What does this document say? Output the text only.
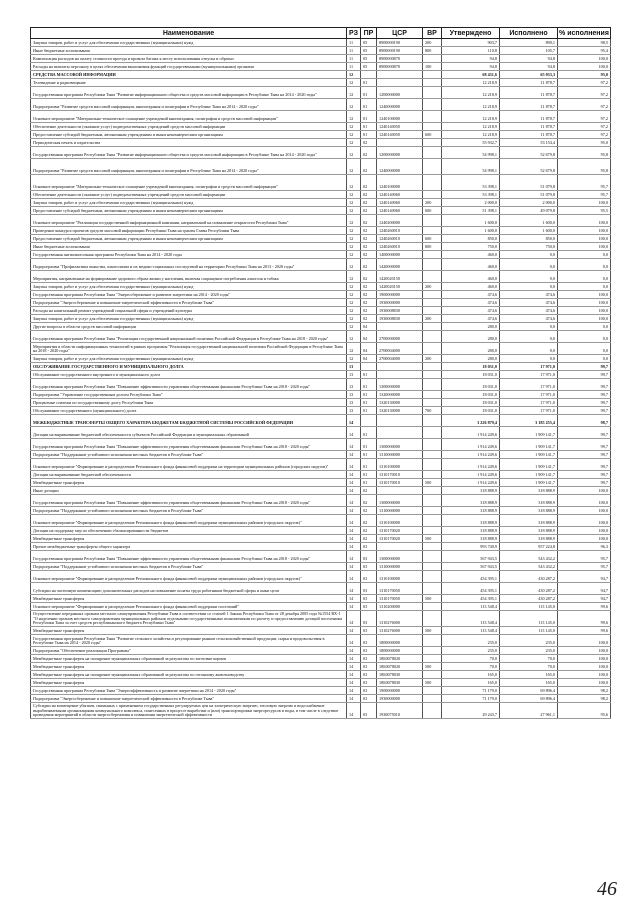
Наименование	РЗ	ПР	ЦСР	ВР	Утверждено	Исполнено	% исполнения
Закупка товаров, работ и услуг для обеспечения государственных (муниципальных) нужд	11	05	8900000190	200	903,7	890,1	98,5
Иные бюджетные ассигнования	11	05	8900000190	800	110,8	105,7	95,4
Компенсация расходов на оплату стоимости проезда и провоза багажа к месту использования отпуска и обратно	11	05	8900000870		94,8	94,8	100,0
Расходы на выплаты персоналу в целях обеспечения выполнения функций государственными (муниципальными) органами	11	05	8900000870	100	94,8	94,8	100,0
СРЕДСТВА МАССОВОЙ ИНФОРМАЦИИ	12				68 431,6	65 033,3	95,0
Телевидение и радиовещание	12	01			12 218,9	11 878,7	97,2
Государственная программа Республики Тыва "Развитие информационного общества и средств массовой информации в Республике Тыва на 2014 - 2020 годы"	12	01	1200000000		12 218,9	11 878,7	97,2
Подпрограмма "Развитие средств массовой информации, книгоиздания и полиграфии в Республике Тыва на 2014 - 2020 годы"	12	01	1240000000		12 218,9	11 878,7	97,2
Основное мероприятие "Материально-техническое оснащение учреждений книгоиздания, полиграфии и средств массовой информации"	12	01	1240100000		12 218,9	11 878,7	97,2
Обеспечение деятельности (оказание услуг) подведомственных учреждений средств массовой информации	12	01	1240140050		12 218,9	11 878,7	97,2
Предоставление субсидий бюджетным, автономным учреждениям и иным некоммерческим организациям	12	01	1240140050	600	12 218,9	11 878,7	97,2
Периодическая печать и издательства	12	02			55 932,7	53 154,4	95,0
Государственная программа Республики Тыва "Развитие информационного общества и средств массовой информации в Республике Тыва на 2014 - 2020 годы"	12	02	1200000000		54 998,1	52 679,8	95,8
Подпрограмма "Развитие средств массовой информации, книгоиздания и полиграфии в Республике Тыва на 2014 - 2020 годы"	12	02	1240000000		54 998,1	52 679,8	95,8
Основное мероприятие "Материально-техническое оснащение учреждений книгоиздания, полиграфии и средств массовой информации"	12	02	1240100000		53 398,1	51 079,8	95,7
Обеспечение деятельности (оказание услуг) подведомственных учреждений средств массовой информации	12	02	1240140060		53 398,1	51 079,8	95,7
Закупка товаров, работ и услуг для обеспечения государственных (муниципальных) нужд	12	02	1240140060	200	2 000,0	2 000,0	100,0
Предоставление субсидий бюджетным, автономным учреждениям и иным некоммерческим организациям	12	02	1240140060	600	51 398,1	49 079,8	95,5
Основное мероприятие "Реализация государственной информационной кампании, направленной на повышение открытости Республики Тыва"	12	02	1240200000		1 600,0	1 600,0	100,0
Проведение конкурса проектов средств массовой информации Республики Тыва на гранты Главы Республики Тыва	12	02	1240260010		1 600,0	1 600,0	100,0
Предоставление субсидий бюджетным, автономным учреждениям и иным некоммерческим организациям	12	02	1240260010	600	850,0	850,0	100,0
Иные бюджетные ассигнования	12	02	1240260010	800	750,0	750,0	100,0
Государственная антиалкогольная программа Республики Тыва на 2014 - 2020 годы	12	02	1400000000		460,0	0,0	0,0
Подпрограмма "Профилактика пьянства, алкоголизма и их медико-социальных последствий на территории Республики Тыва на 2013 - 2020 годы"	12	02	1420000000		460,0	0,0	0,0
Мероприятия, направленные на формирование здорового образа жизни у населения, включая сокращение потребления алкоголя и табака	12	02	1420020150		460,0	0,0	0,0
Закупка товаров, работ и услуг для обеспечения государственных (муниципальных) нужд	12	02	1420020150	200	460,0	0,0	0,0
Государственная программа Республики Тыва "Энергосбережение и развитие энергетики на 2014 - 2020 годы"	12	02	1900000000		474,6	474,6	100,0
Подпрограмма "Энергосбережение и повышение энергетической эффективности в Республике Тыва"	12	02	1930000000		474,6	474,6	100,0
Расходы на капитальный ремонт учреждений социальной сферы и учреждений культуры	12	02	1930008830		474,6	474,6	100,0
Закупка товаров, работ и услуг для обеспечения государственных (муниципальных) нужд	12	02	1930008830	200	474,6	474,6	100,0
Другие вопросы в области средств массовой информации	12	04			280,0	0,0	0,0
Государственная программа Республики Тыва "Реализация государственной национальной политики Российской Федерации в Республике Тыва на 2018 - 2020 годы"	12	04	2700000000		280,0	0,0	0,0
Мероприятия в области информационных технологий в рамках программы "Реализация государственной национальной политики Российской Федерации в Республике Тыва на 2018 - 2020 годы"	12	04	2700004000		280,0	0,0	0,0
Закупка товаров, работ и услуг для обеспечения государственных (муниципальных) нужд	12	04	2700004000	200	280,0	0,0	0,0
ОБСЛУЖИВАНИЕ ГОСУДАРСТВЕННОГО И МУНИЦИПАЛЬНОГО ДОЛГА	13				18 031,0	17 971,0	99,7
Обслуживание государственного внутреннего и муниципального долга	13	01			18 031,0	17 971,0	99,7
Государственная программа Республики Тыва "Повышение эффективности управления общественными финансами Республики Тыва на 2018 - 2020 годы"	13	01	1300000000		18 031,0	17 971,0	99,7
Подпрограмма "Управление государственным долгом Республики Тыва"	13	01	1320000000		18 031,0	17 971,0	99,7
Процентные платежи по государственному долгу Республики Тыва	13	01	1320130000		18 031,0	17 971,0	99,7
Обслуживание государственного (муниципального) долга	13	01	1320130000	700	18 031,0	17 971,0	99,7
МЕЖБЮДЖЕТНЫЕ ТРАНСФЕРТЫ ОБЩЕГО ХАРАКТЕРА БЮДЖЕТАМ БЮДЖЕТНОЙ СИСТЕМЫ РОССИЙСКОЙ ФЕДЕРАЦИИ	14				3 226 879,4	3 185 255,4	98,7
Дотации на выравнивание бюджетной обеспеченности субъектов Российской Федерации и муниципальных образований	14	01			1 914 249,6	1 909 141,7	99,7
Государственная программа Республики Тыва "Повышение эффективности управления общественными финансами Республики Тыва на 2018 - 2020 годы"	14	01	1300000000		1 914 249,6	1 909 141,7	99,7
Подпрограмма "Поддержание устойчивого исполнения местных бюджетов в Республике Тыва"	14	01	1310000000		1 914 249,6	1 909 141,7	99,7
Основное мероприятие "Формирование и распределение Регионального фонда финансовой поддержки на территории муниципальных районов (городских округов)"	14	01	1310100000		1 914 249,6	1 909 141,7	99,7
Дотации на выравнивание бюджетной обеспеченности	14	01	1310170010		1 914 249,6	1 909 141,7	99,7
Межбюджетные трансферты	14	01	1310170010	500	1 914 249,6	1 909 141,7	99,7
Иные дотации	14	02			318 888,9	318 888,9	100,0
Государственная программа Республики Тыва "Повышение эффективности управления общественными финансами Республики Тыва на 2018 - 2020 годы"	14	02	1300000000		318 888,9	318 888,9	100,0
Подпрограмма "Поддержание устойчивого исполнения местных бюджетов в Республике Тыва"	14	02	1310000000		318 888,9	318 888,9	100,0
Основное мероприятие "Формирование и распределение Регионального фонда финансовой поддержки муниципальных районов (городских округов)"	14	02	1310100000		318 888,9	318 888,9	100,0
Дотации на поддержку мер по обеспечению сбалансированности бюджетов	14	02	1310170020		318 888,9	318 888,9	100,0
Межбюджетные трансферты	14	02	1310170020	500	318 888,9	318 888,9	100,0
Прочие межбюджетные трансферты общего характера	14	03			993 740,9	957 224,8	96,3
Государственная программа Республики Тыва "Повышение эффективности управления общественными финансами Республики Тыва на 2018 - 2020 годы"	14	03	1300000000		567 943,5	543 432,2	95,7
Подпрограмма "Поддержание устойчивого исполнения местных бюджетов в Республике Тыва"	14	03	1310000000		567 943,5	543 432,2	95,7
Основное мероприятие "Формирование и распределение Регионального фонда финансовой поддержки муниципальных районов (городских округов)"	14	03	1310100000		454 395,1	430 287,2	94,7
Субсидии на частичную компенсацию дополнительных расходов на повышение оплаты труда работников бюджетной сферы и иные цели	14	03	1310170050		454 395,1	430 287,2	94,7
Межбюджетные трансферты	14	03	1310170050	500	454 395,1	430 287,2	94,7
Основное мероприятие "Формирование и распределение Регионального фонда финансовой поддержки поселений"	14	03	1310200000		113 548,4	113 145,0	99,6
Осуществление переданных органам местного самоуправления Республики Тыва в соответствии со статьей 1 Закона Республики Тыва от 28 декабря 2005 года №1554 ВХ-1 "О наделении органов местного самоуправления муниципальных районов отдельными государственными полномочиями по расчету и предоставлению дотаций поселениям Республики Тыва за счет средств республиканского бюджета Республики Тыва"	14	03	1310276000		113 548,4	113 145,0	99,6
Межбюджетные трансферты	14	03	1310276000	500	113 548,4	113 145,0	99,6
Государственная программа Республики Тыва "Развитие сельского хозяйства и регулирование рынков сельскохозяйственной продукции, сырья и продовольствия в Республике Тыва на 2014 - 2020 годы"	14	03	1800000000		235,0	235,0	100,0
Подпрограмма "Обеспечение реализации Программы"	14	03	1800000000		235,0	235,0	100,0
Межбюджетные трансферты на поощрение муниципальных образований за результаты по заготовке кормов	14	03	18Б0078020		70,0	70,0	100,0
Межбюджетные трансферты	14	03	18Б0078020	500	70,0	70,0	100,0
Межбюджетные трансферты на поощрение муниципальных образований за результаты по отгонному животноводству	14	03	18Б0078030		165,0	165,0	100,0
Межбюджетные трансферты	14	03	18Б0078030	500	165,0	165,0	100,0
Государственная программа Республики Тыва "Энергоэффективность и развитие энергетики на 2014 - 2020 годы"	14	03	1900000000		71 179,0	69 896,4	98,2
Подпрограмма "Энергосбережение и повышение энергетической эффективности в Республике Тыва"	14	03	1930000000		71 179,0	69 896,4	98,2
Субсидии на возмещение убытков, связанных с применением государственных регулируемых цен на электрическую энергию, тепловую энергию и водоснабжение вырабатываемыми организациями коммунального комплекса, понесенных в процессе выработки и (или) транспортировки энергоресурсов и воды, в том числе в следствие проведения мероприятий в области энергосбережения и повышения энергетической эффективности	14	03	1930075010		29 243,7	27 961,1	95,6
46
